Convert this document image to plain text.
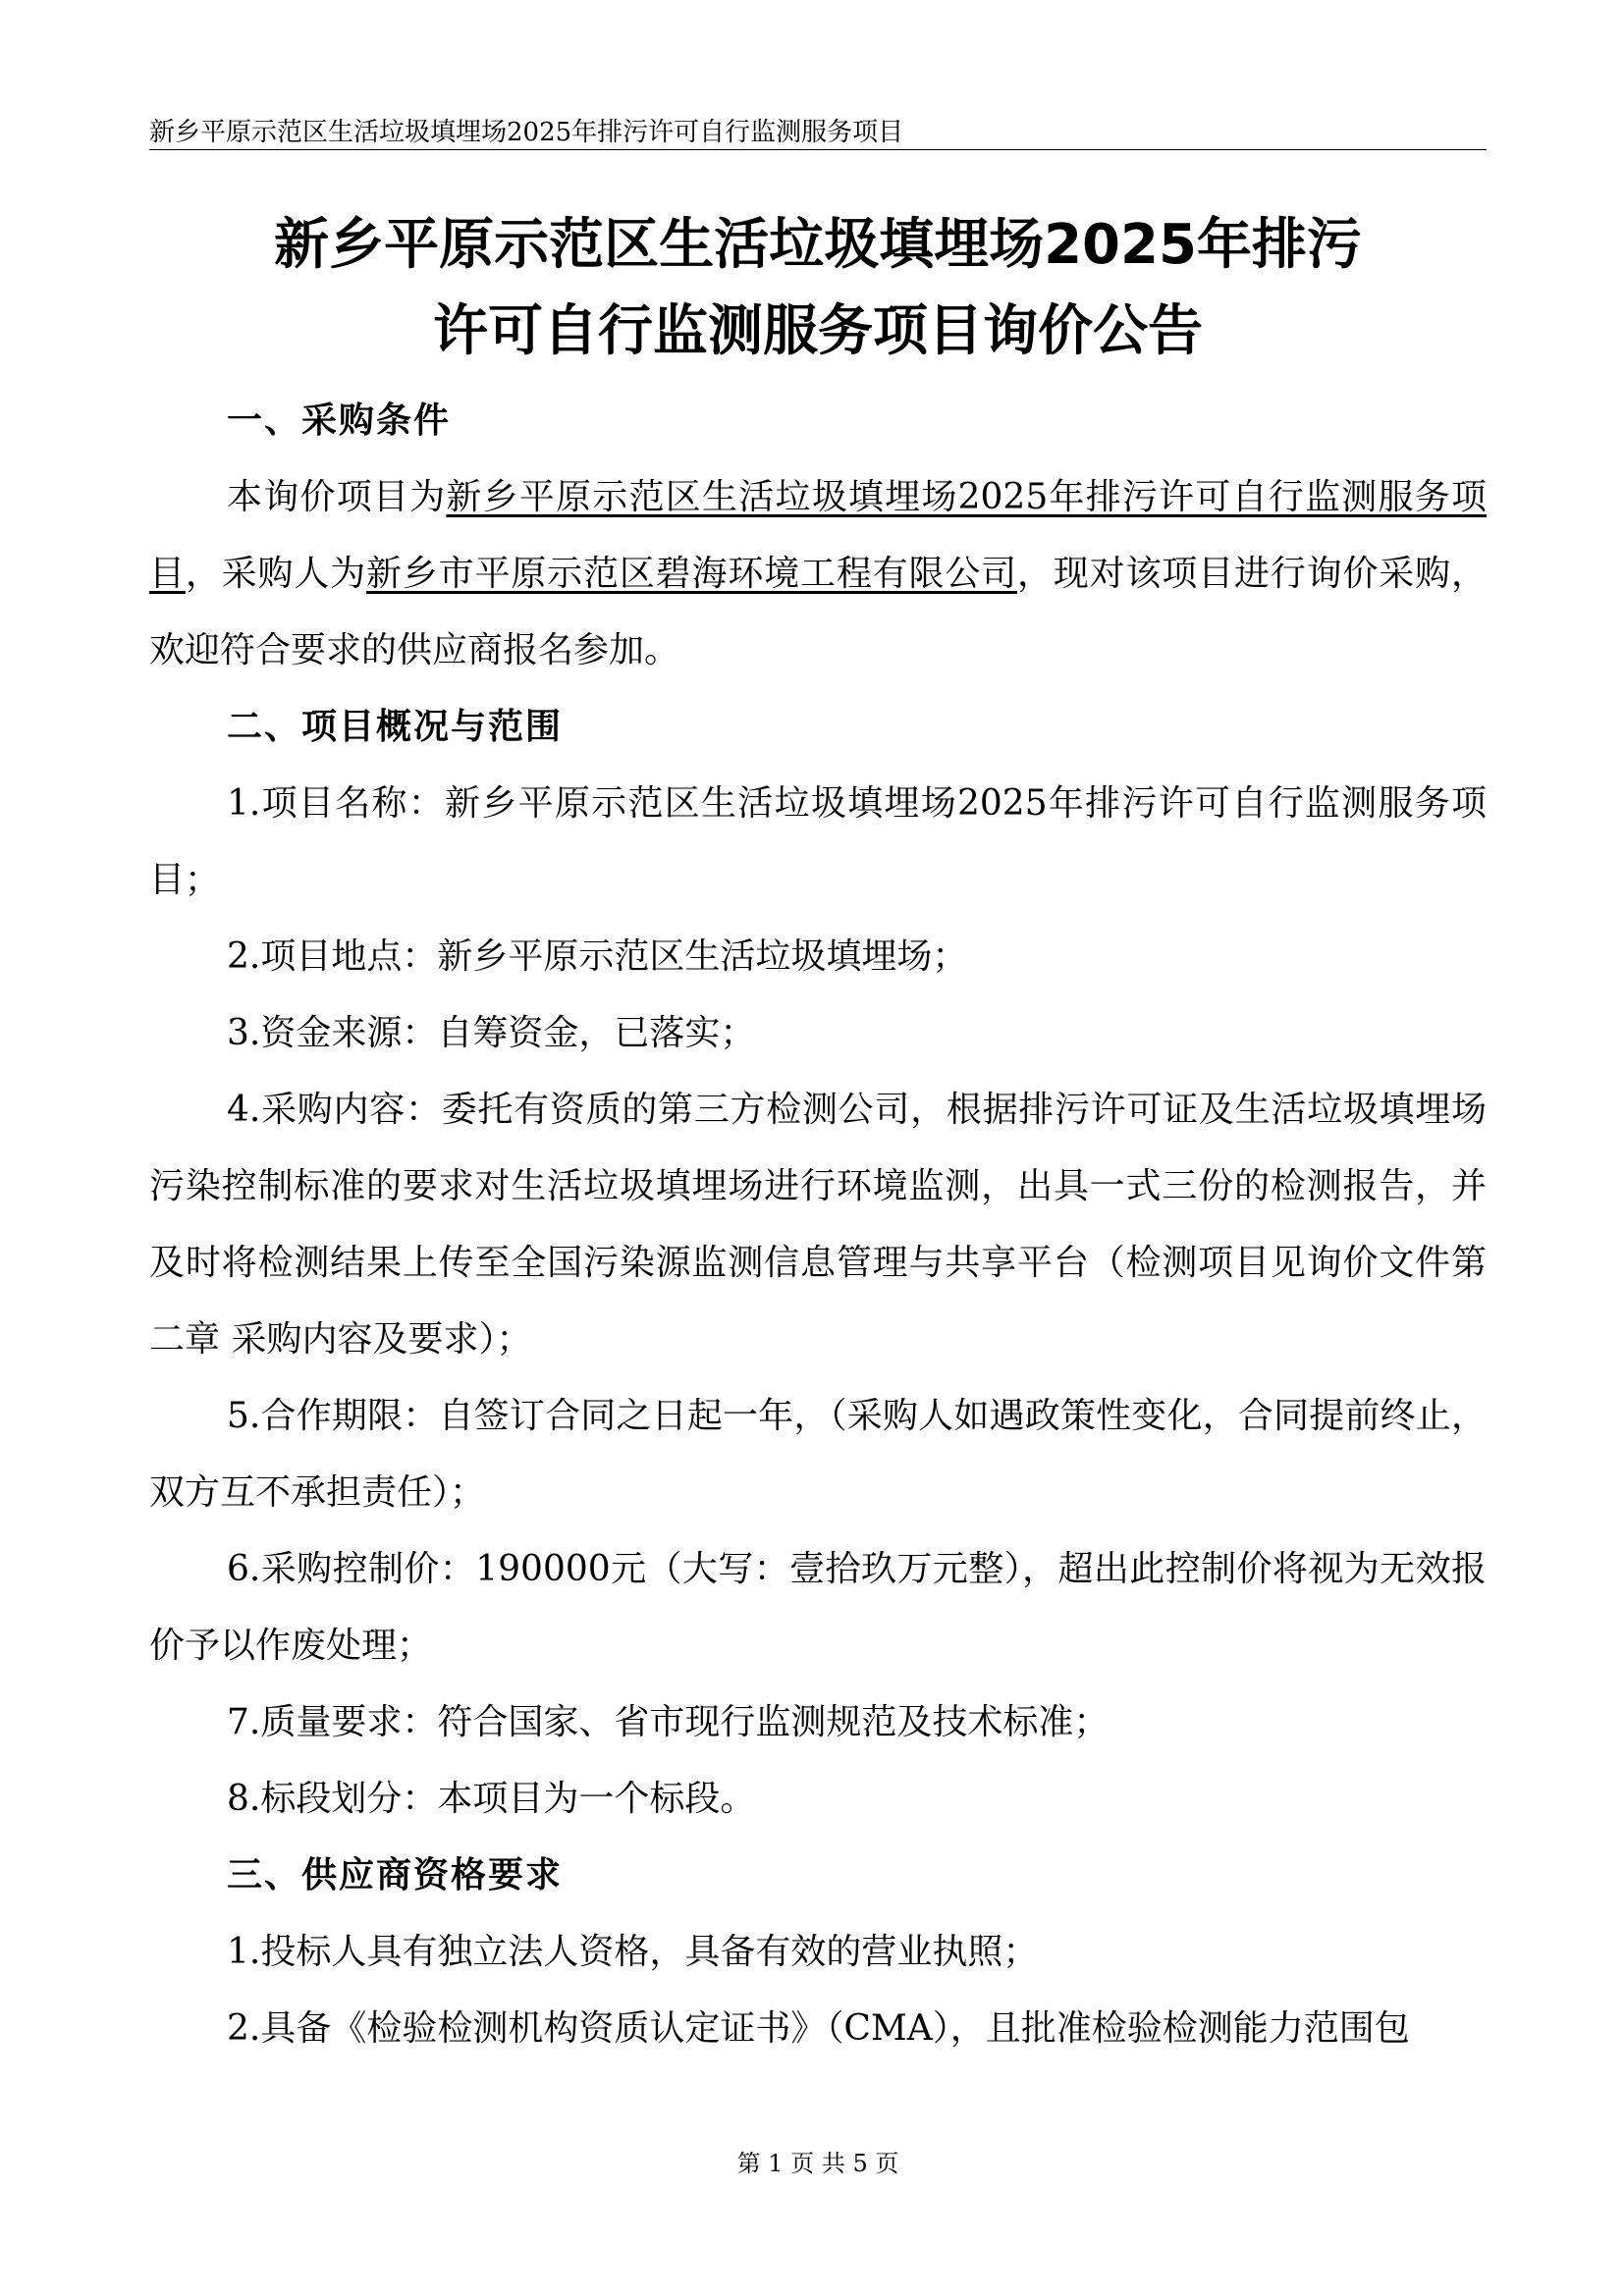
新乡平原示范区生活垃圾填埋场2025年排污许可自行监测服务项目
新乡平原示范区生活垃圾填埋场2025年排污
许可自行监测服务项目询价公告

一、采购条件

本询价项目为新乡平原示范区生活垃圾填埋场2025年排污许可自行监测服务项目，采购人为新乡市平原示范区碧海环境工程有限公司，现对该项目进行询价采购，欢迎符合要求的供应商报名参加。

二、项目概况与范围

1.项目名称：新乡平原示范区生活垃圾填埋场2025年排污许可自行监测服务项目；

2.项目地点：新乡平原示范区生活垃圾填埋场；

3.资金来源：自筹资金，已落实；

4.采购内容：委托有资质的第三方检测公司，根据排污许可证及生活垃圾填埋场污染控制标准的要求对生活垃圾填埋场进行环境监测，出具一式三份的检测报告，并及时将检测结果上传至全国污染源监测信息管理与共享平台（检测项目见询价文件第二章 采购内容及要求）；

5.合作期限：自签订合同之日起一年，（采购人如遇政策性变化，合同提前终止，双方互不承担责任）；

6.采购控制价：190000元（大写：壹拾玖万元整），超出此控制价将视为无效报价予以作废处理；

7.质量要求：符合国家、省市现行监测规范及技术标准；

8.标段划分：本项目为一个标段。

三、供应商资格要求

1.投标人具有独立法人资格，具备有效的营业执照；

2.具备《检验检测机构资质认定证书》（CMA），且批准检验检测能力范围包

第 1 页 共 5 页
